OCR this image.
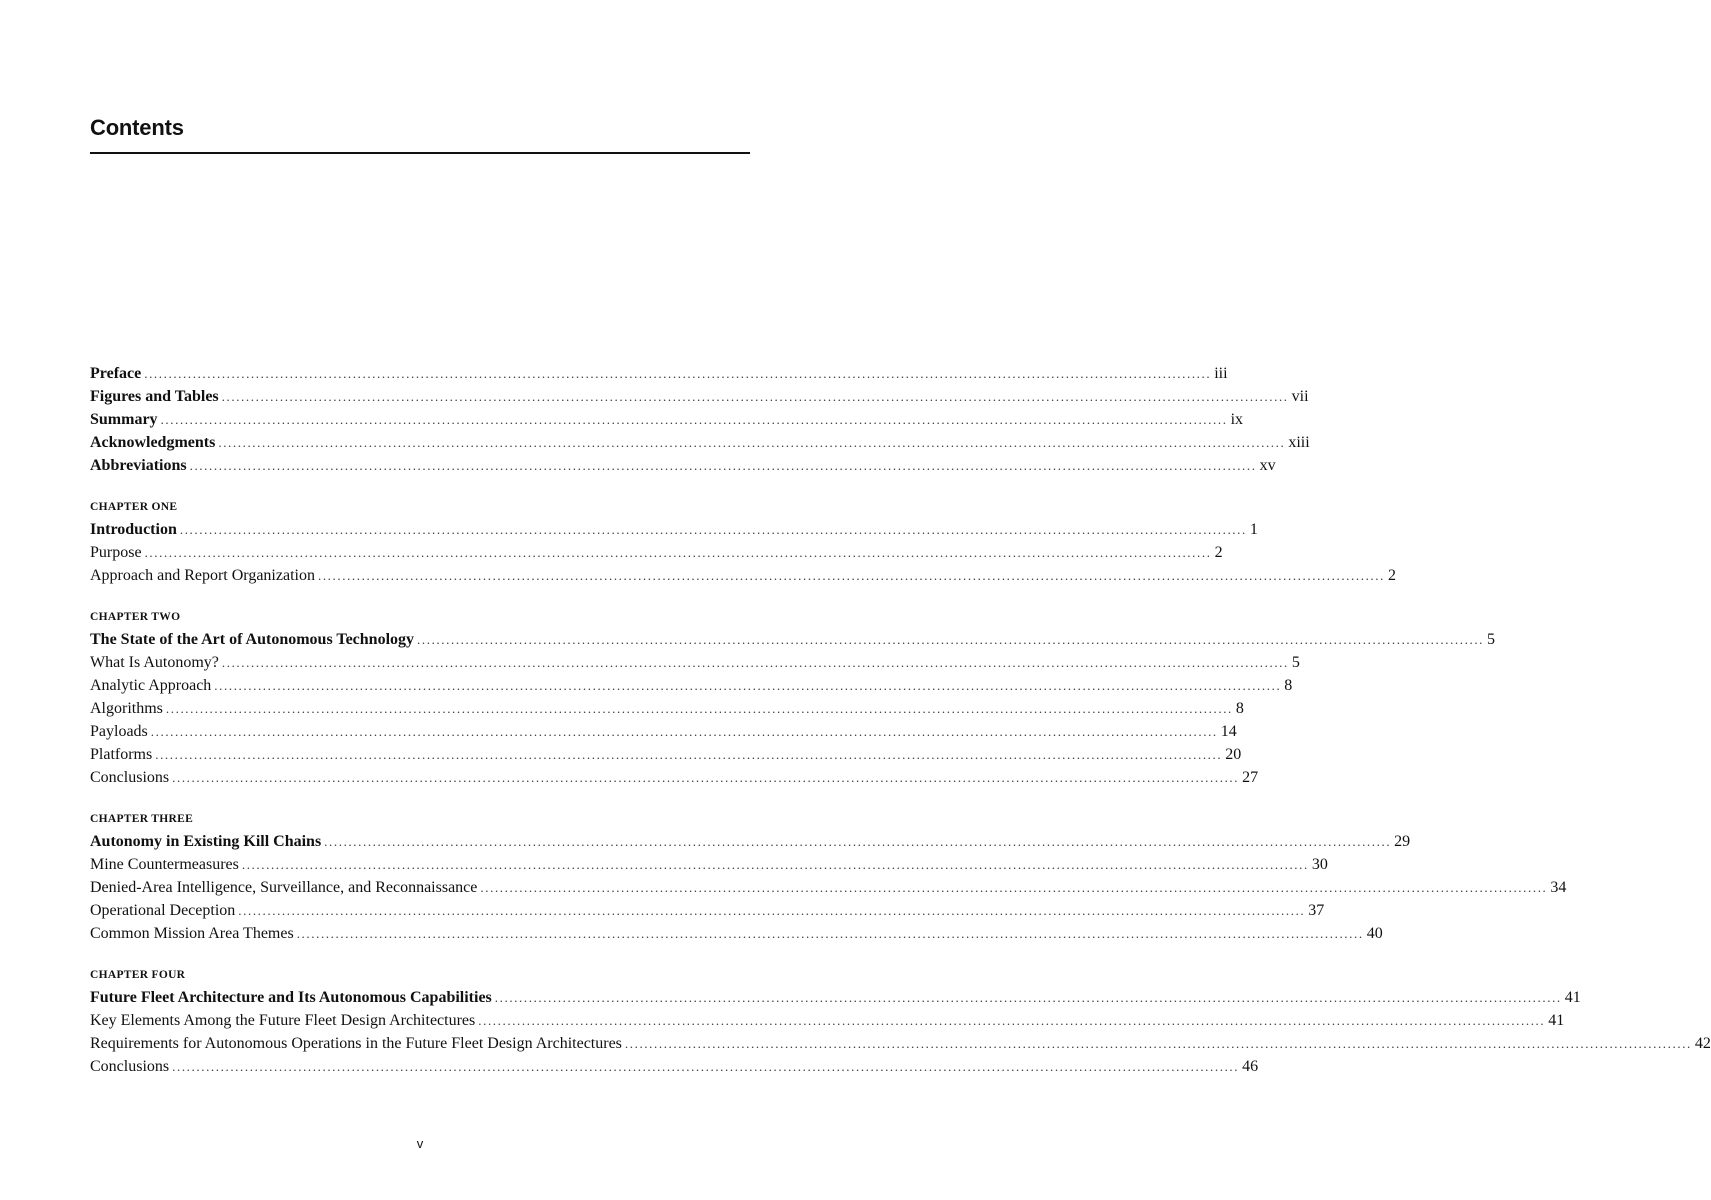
Contents
Preface ............................................................................................................................................................................................................................ iii
Figures and Tables ............................................................................................................................................................................................................................ vii
Summary ............................................................................................................................................................................................................................ ix
Acknowledgments ............................................................................................................................................................................................................................ xiii
Abbreviations ............................................................................................................................................................................................................................ xv
CHAPTER ONE
Introduction ............................................................................................................................................................................................................................ 1
Purpose ............................................................................................................................................................................................................................ 2
Approach and Report Organization ............................................................................................................................................................................................................................ 2
CHAPTER TWO
The State of the Art of Autonomous Technology ............................................................................................................................................................................................................................ 5
What Is Autonomy? ............................................................................................................................................................................................................................ 5
Analytic Approach ............................................................................................................................................................................................................................ 8
Algorithms ............................................................................................................................................................................................................................ 8
Payloads ............................................................................................................................................................................................................................ 14
Platforms ............................................................................................................................................................................................................................ 20
Conclusions ............................................................................................................................................................................................................................ 27
CHAPTER THREE
Autonomy in Existing Kill Chains ............................................................................................................................................................................................................................ 29
Mine Countermeasures ............................................................................................................................................................................................................................ 30
Denied-Area Intelligence, Surveillance, and Reconnaissance ............................................................................................................................................................................................................................ 34
Operational Deception ............................................................................................................................................................................................................................ 37
Common Mission Area Themes ............................................................................................................................................................................................................................ 40
CHAPTER FOUR
Future Fleet Architecture and Its Autonomous Capabilities ............................................................................................................................................................................................................................ 41
Key Elements Among the Future Fleet Design Architectures ............................................................................................................................................................................................................................ 41
Requirements for Autonomous Operations in the Future Fleet Design Architectures ............................................................................................................................................................................................................................ 42
Conclusions ............................................................................................................................................................................................................................ 46
v
